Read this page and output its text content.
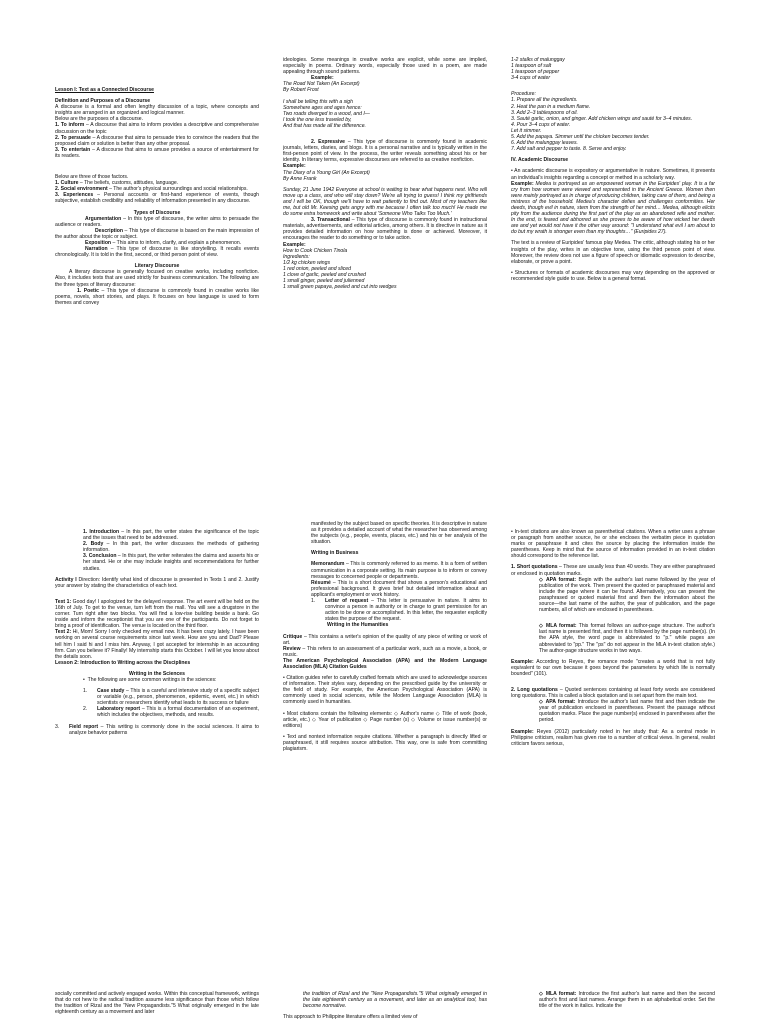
Lesson I: Text as a Connected Discourse

Definition and Purposes of a Discourse

A discourse is a formal and often lengthy discussion of a topic, where concepts and insights are arranged in an organized and logical manner.

Below are the purposes of a discourse.

1. To inform – A discourse that aims to inform provides a descriptive and comprehensive discussion on the topic

2. To persuade – A discourse that aims to persuade tries to convince the readers that the proposed claim or solution is better than any other proposal.

3. To entertain – A discourse that aims to amuse provides a source of entertainment for its readers.

Below are three of those factors.

1. Culture – The beliefs, customs, attitudes, language.

2. Social environment – The author's physical surroundings and social relationships.

3. Experiences – Personal accounts or first-hand experience of events, though subjective, establish credibility and reliability of information presented in any discourse.

Types of Discourse

Argumentation – In this type of discourse, the writer aims to persuade the audience or readers.

Description – This type of discourse is based on the main impression of the author about the topic or subject.

Exposition – This aims to inform, clarify, and explain a phenomenon.

Narration – This type of discourse is like storytelling. It recalls events chronologically. It is told in the first, second, or third person point of view.

Literary Discourse

A literary discourse is generally focused on creative works, including nonfiction. Also, it includes texts that are used strictly for business communication. The following are the three types of literary discourse:

1. Poetic – This type of discourse is commonly found in creative works like poems, novels, short stories, and plays. It focuses on how language is used to form themes and convey

ideologies. Some meanings in creative works are explicit, while some are implied, especially in poems. Ordinary words, especially those used in a poem, are made appealing through sound patterns.

Example:

The Road Not Taken (An Excerpt)

By Robert Frost

I shall be telling this with a sigh

Somewhere ages and ages hence:

Two roads diverged in a wood, and I—

I took the one less traveled by,

And that has made all the difference.

2. Expressive – This type of discourse is commonly found in academic journals, letters, diaries, and blogs. It is a personal narrative and is typically written in the first-person point of view. In the process, the writer reveals something about his or her identity. In literary terms, expressive discourses are referred to as creative nonfiction.

Example:

The Diary of a Young Girl (An Excerpt)

By Anne Frank

Sunday, 21 June 1942 Everyone at school is waiting to hear what happens next. Who will move up a class, and who will stay down? We're all trying to guess! I think my girlfriends and I will be OK, though we'll have to wait patiently to find out. Most of my teachers like me, but old Mr. Keesing gets angry with me because I often talk too much! He made me do some extra homework and write about 'Someone Who Talks Too Much.'

3. Transactional – This type of discourse is commonly found in instructional materials, advertisements, and editorial articles, among others. It is directive in nature as it provides detailed information on how something is done or achieved. Moreover, it encourages the reader to do something or to take action.

Example:

How to Cook Chicken Tinola

Ingredients:

1/2 kg chicken wings

1 red onion, peeled and sliced

1 clove of garlic, peeled and crushed

1 small ginger, peeled and julienned

1 small green papaya, peeled and cut into wedges

1-2 stalks of malunggay

1 teaspoon of salt

1 teaspoon of pepper

3-4 cups of water

Procedure:

1. Prepare all the ingredients.

2. Heat the pan in a medium flame.

3. Add 2–3 tablespoons of oil.

3. Sauté garlic, onion, and ginger. Add chicken wings and sauté for 3–4 minutes.

4. Pour 3–4 cups of water.

Let it simmer.

5. Add the papaya. Simmer until the chicken becomes tender.

6. Add the malunggay leaves.

7. Add salt and pepper to taste. 8. Serve and enjoy.

IV. Academic Discourse

• An academic discourse is expository or argumentative in nature. Sometimes, it presents an individual's insights regarding a concept or method in a scholarly way.

Example: Medea is portrayed as an empowered woman in the Euripides' play. It is a far cry from how women were viewed and represented in the Ancient Greece. Women then were mainly portrayed as in charge of producing children, taking care of them, and being a mistress of the household. Medea's character defies and challenges conformities. Her deeds, though evil in nature, stem from the strength of her mind… Medea, although elicits pity from the audience during the first part of the play as an abandoned wife and mother. In the end, is feared and abhorred as she proves to be aware of how wicked her deeds are and yet would not have it the other way around: "I understand what evil I am about to do but my wrath is stronger even than my thoughts…" (Euripides 27).

The text is a review of Euripides' famous play Medea. The critic, although stating his or her insights of the play, writes in an objective tone, using the third person point of view. Moreover, the review does not use a figure of speech or idiomatic expression to describe, elaborate, or prove a point.

• Structures or formats of academic discourses may vary depending on the approved or recommended style guide to use. Below is a general format.

1. Introduction – In this part, the writer states the significance of the topic and the issues that need to be addressed.

2. Body – In this part, the writer discusses the methods of gathering information.

3. Conclusion – In this part, the writer reiterates the claims and asserts his or her stand. He or she may include insights and recommendations for further studies.

Activity I Direction: Identify what kind of discourse is presented in Texts 1 and 2. Justify your answer by stating the characteristics of each text.

Text 1: Good day! I apologized for the delayed response. The art event will be held on the 16th of July. To get to the venue, turn left from the mall. You will see a drugstore in the corner. Turn right after two blocks. You will find a low-rise building beside a bank. Go inside and inform the receptionist that you are one of the participants. Do not forget to bring a proof of identification. The venue is located on the third floor.

Text 2: Hi, Mom! Sorry I only checked my email now. It has been crazy lately. I have been working on several course requirements since last week. How are you and Dad? Please tell him I said hi and I miss him. Anyway, I got accepted for internship in an accounting firm. Can you believe it? Finally! My internship starts this October. I will let you know about the details soon.

Lesson 2: Introduction to Writing across the Disciplines

Writing in the Sciences

•  The following are some common writings in the sciences:

1.	Case study – This is a careful and intensive study of a specific subject or variable (e.g., person, phenomenon, epidemic, event, etc.) in which scientists or researchers identify what leads to its success or failure
2.	Laboratory report – This is a formal documentation of an experiment, which includes the objectives, methods, and results.
3.	Field report – This writing is commonly done in the social sciences. It aims to analyze behavior patterns

manifested by the subject based on specific theories. It is descriptive in nature as it provides a detailed account of what the researcher has observed among the subjects (e.g., people, events, places, etc.) and his or her analysis of the situation.

Writing in Business

Memorandum – This is commonly referred to as memo. It is a form of written communication in a corporate setting. Its main purpose is to inform or convey messages to concerned people or departments.

Résumé – This is a short document that shows a person's educational and professional background. It gives brief but detailed information about an applicant's employment or work history.

1.	Letter of request – This letter is persuasive in nature. It aims to convince a person in authority or in charge to grant permission for an action to be done or accomplished. In this letter, the requester explicitly states the purpose of the request.

Writing in the Humanities

Critique – This contains a writer's opinion of the quality of any piece of writing or work of art.

Review – This refers to an assessment of a particular work, such as a movie, a book, or music.

The American Psychological Association (APA) and the Modern Language Association (MLA) Citation Guides

• Citation guides refer to carefully crafted formats which are used to acknowledge sources of information. Their styles vary, depending on the prescribed guide by the university or the field of study. For example, the American Psychological Association (APA) is commonly used in social sciences, while the Modern Language Association (MLA) is commonly used in humanities.

• Most citations contain the following elements: ◇ Author's name ◇ Title of work (book, article, etc.) ◇ Year of publication ◇ Page number (s) ◇ Volume or issue number(s) or editions)

• Text and nontext information require citations. Whether a paragraph is directly lifted or paraphrased, it still requires source attribution. This way, one is safe from committing plagiarism.

• In-text citations are also known as parenthetical citations. When a writer uses a phrase or paragraph from another source, he or she encloses the verbatim piece in quotation marks or paraphrase it and cites the source by placing the information inside the parentheses. Keep in mind that the source of information provided in an in-text citation should correspond to the reference list.

1. Short quotations – These are usually less than 40 words. They are either paraphrased or enclosed in quotation marks.

◇ APA format: Begin with the author's last name followed by the year of publication of the work. Then present the quoted or paraphrased material and include the page where it can be found. Alternatively, you can present the paraphrased or quoted material first and then the information about the source—the last name of the author, the year of publication, and the page numbers, all of which are enclosed in parentheses.

◇ MLA format: This format follows an author-page structure. The author's last name is presented first, and then it is followed by the page number(s). (In the APA style, the word page is abbreviated to "p." while pages are abbreviated to "pp." The "ps" do not appear in the MLA in-text citation style.) The author-page structure works in two ways.

Example: According to Reyes, the romance mode "creates a world that is not fully equivalent to our own because it goes beyond the parameters by which life is normally bounded" (101).

2. Long quotations – Quoted sentences containing at least forty words are considered long quotations. This is called a block quotation and is set apart from the main text.

◇ APA format: Introduce the author's last name first and then indicate the year of publication enclosed in parentheses. Present the passage without quotation marks. Place the page number(s) enclosed in parentheses after the period.

Example: Reyes (2012) particularly noted in her study that: As a central mode in Philippine criticism, realism has given rise to a number of critical views. In general, realist criticism favors serious,

socially committed and actively engaged works. Within this conceptual framework, writings that do not hew to the radical tradition assume less significance than those which follow the tradition of Rizal and the "New Propagandists."5 What originally emerged in the late eighteenth century as a movement and later

the tradition of Rizal and the "New Propagandists."5 What originally emerged in the late eighteenth century as a movement, and later as an analytical tool, has become normative.

This approach to Philippine literature offers a limited view of

◇ MLA format: Introduce the first author's last name and then the second author's first and last names. Arrange them in an alphabetical order. Set the title of the work in italics. Indicate the
